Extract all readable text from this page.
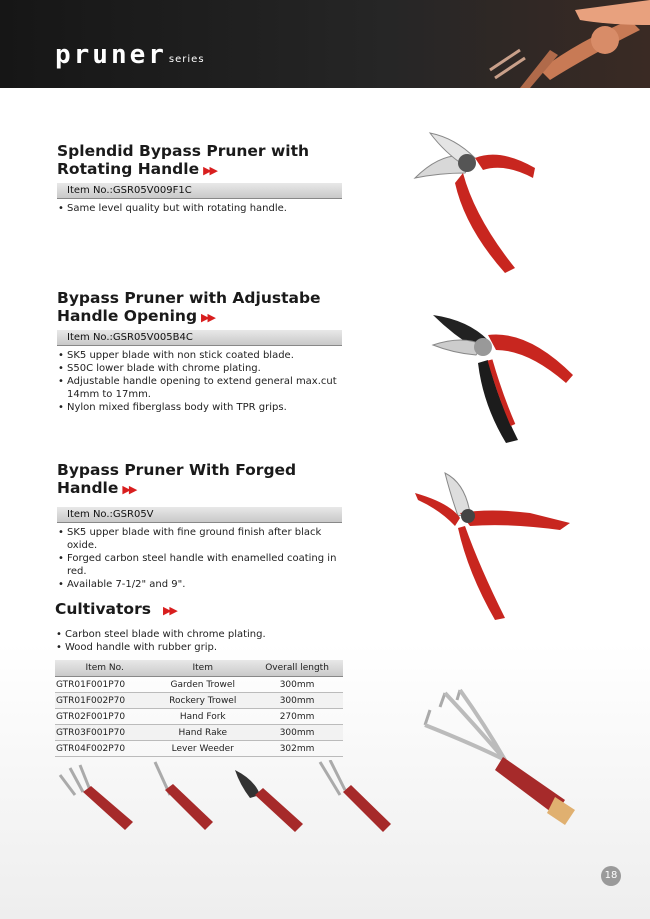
pruner series
Splendid Bypass Pruner with Rotating Handle ▶▶
Item No.:GSR05V009F1C
• Same level quality but with rotating handle.
Bypass Pruner with Adjustabe Handle Opening ▶▶
Item No.:GSR05V005B4C
• SK5 upper blade with non stick coated blade.
• S50C lower blade with chrome plating.
• Adjustable handle opening to extend general max.cut 14mm to 17mm.
• Nylon mixed fiberglass body with TPR grips.
Bypass Pruner With Forged Handle ▶▶
Item No.:GSR05V
• SK5 upper blade with fine ground finish after black oxide.
• Forged carbon steel handle with enamelled coating in red.
• Available 7-1/2" and 9".
Cultivators ▶▶
• Carbon steel blade with chrome plating.
• Wood handle with rubber grip.
Item No.	Item	Overall length
GTR01F001P70	Garden Trowel	300mm
GTR01F002P70	Rockery Trowel	300mm
GTR02F001P70	Hand Fork	270mm
GTR03F001P70	Hand Rake	300mm
GTR04F002P70	Lever Weeder	302mm
18
